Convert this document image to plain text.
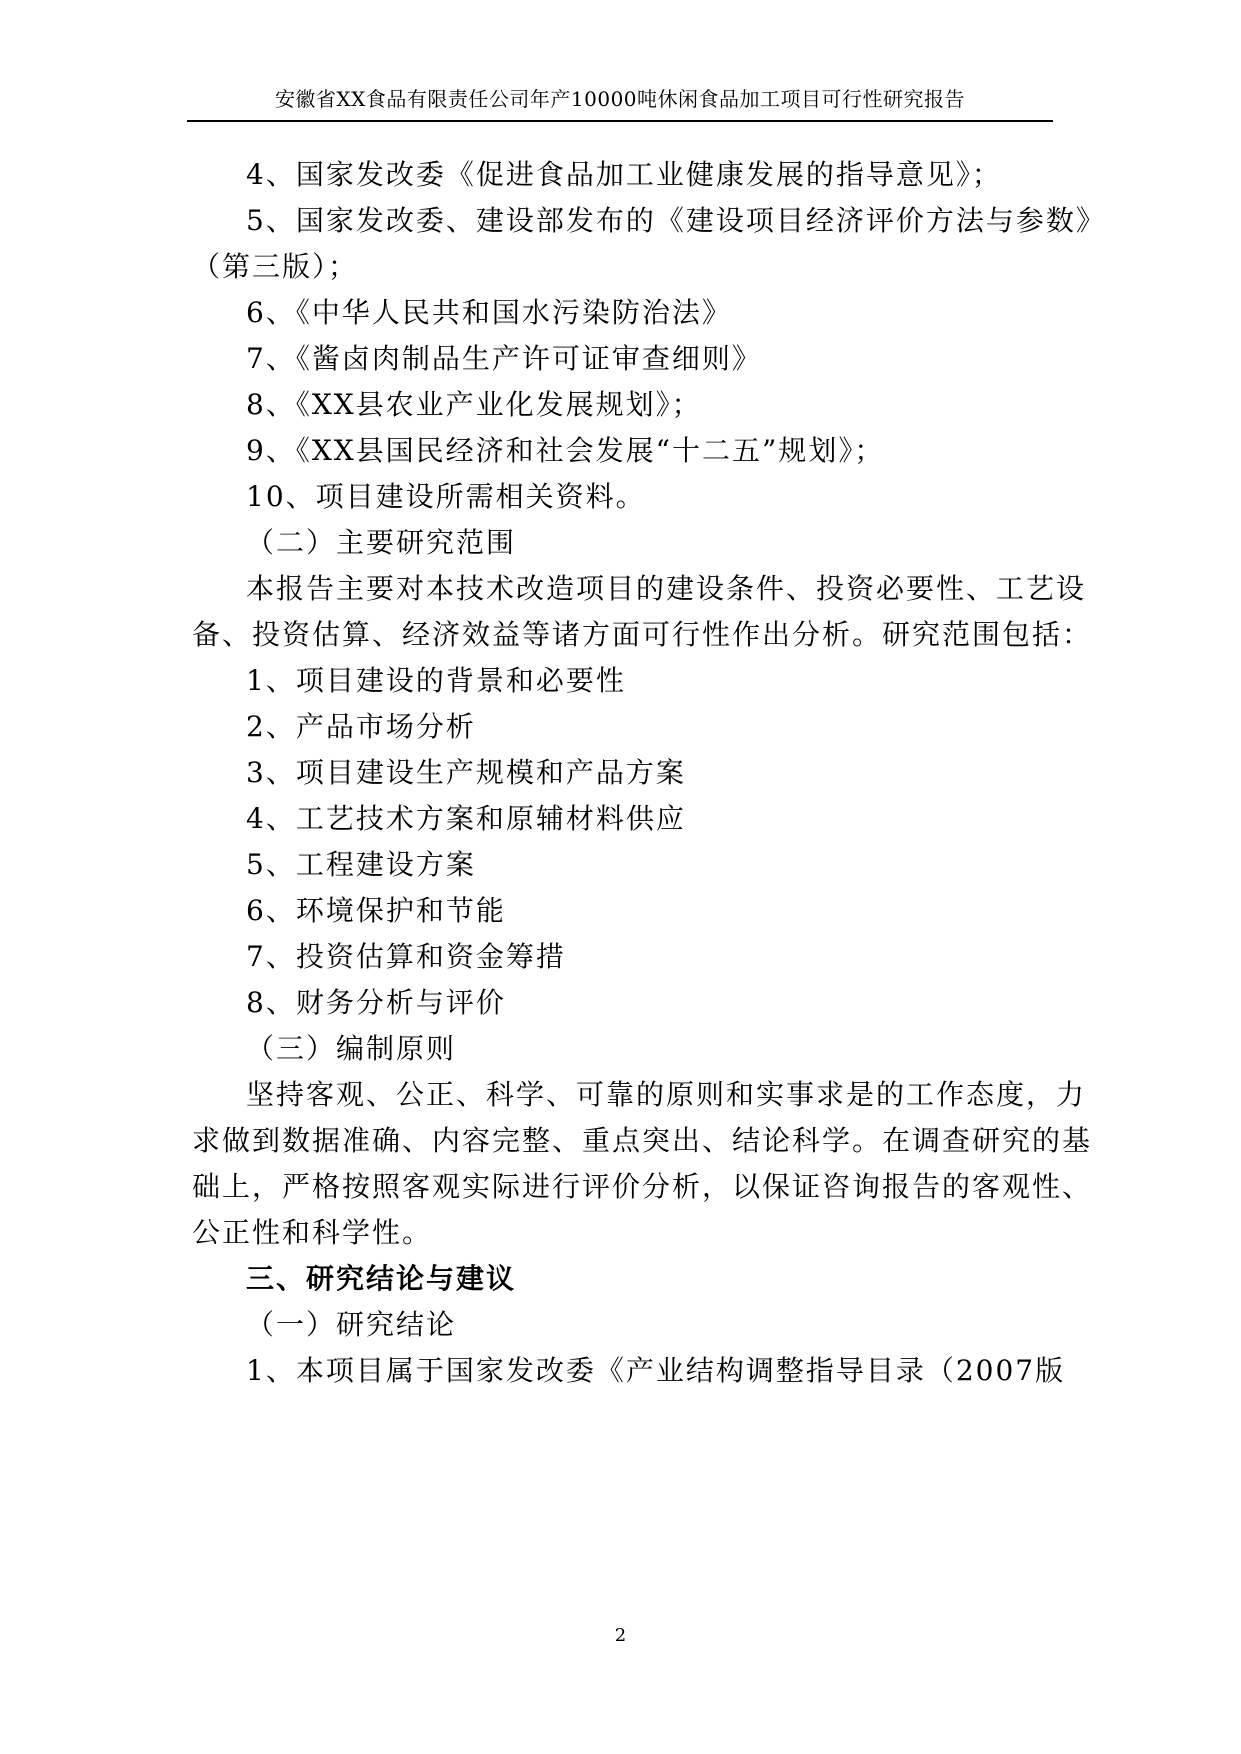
安徽省XX食品有限责任公司年产10000吨休闲食品加工项目可行性研究报告
4、国家发改委《促进食品加工业健康发展的指导意见》；
5、国家发改委、建设部发布的《建设项目经济评价方法与参数》
（第三版）；
6、《中华人民共和国水污染防治法》
7、《酱卤肉制品生产许可证审查细则》
8、《XX县农业产业化发展规划》；
9、《XX县国民经济和社会发展“十二五”规划》；
10、项目建设所需相关资料。
（二）主要研究范围
本报告主要对本技术改造项目的建设条件、投资必要性、工艺设
备、投资估算、经济效益等诸方面可行性作出分析。研究范围包括：
1、项目建设的背景和必要性
2、产品市场分析
3、项目建设生产规模和产品方案
4、工艺技术方案和原辅材料供应
5、工程建设方案
6、环境保护和节能
7、投资估算和资金筹措
8、财务分析与评价
（三）编制原则
坚持客观、公正、科学、可靠的原则和实事求是的工作态度，力
求做到数据准确、内容完整、重点突出、结论科学。在调查研究的基
础上，严格按照客观实际进行评价分析，以保证咨询报告的客观性、
公正性和科学性。
三、研究结论与建议
（一）研究结论
1、本项目属于国家发改委《产业结构调整指导目录（2007版
2
